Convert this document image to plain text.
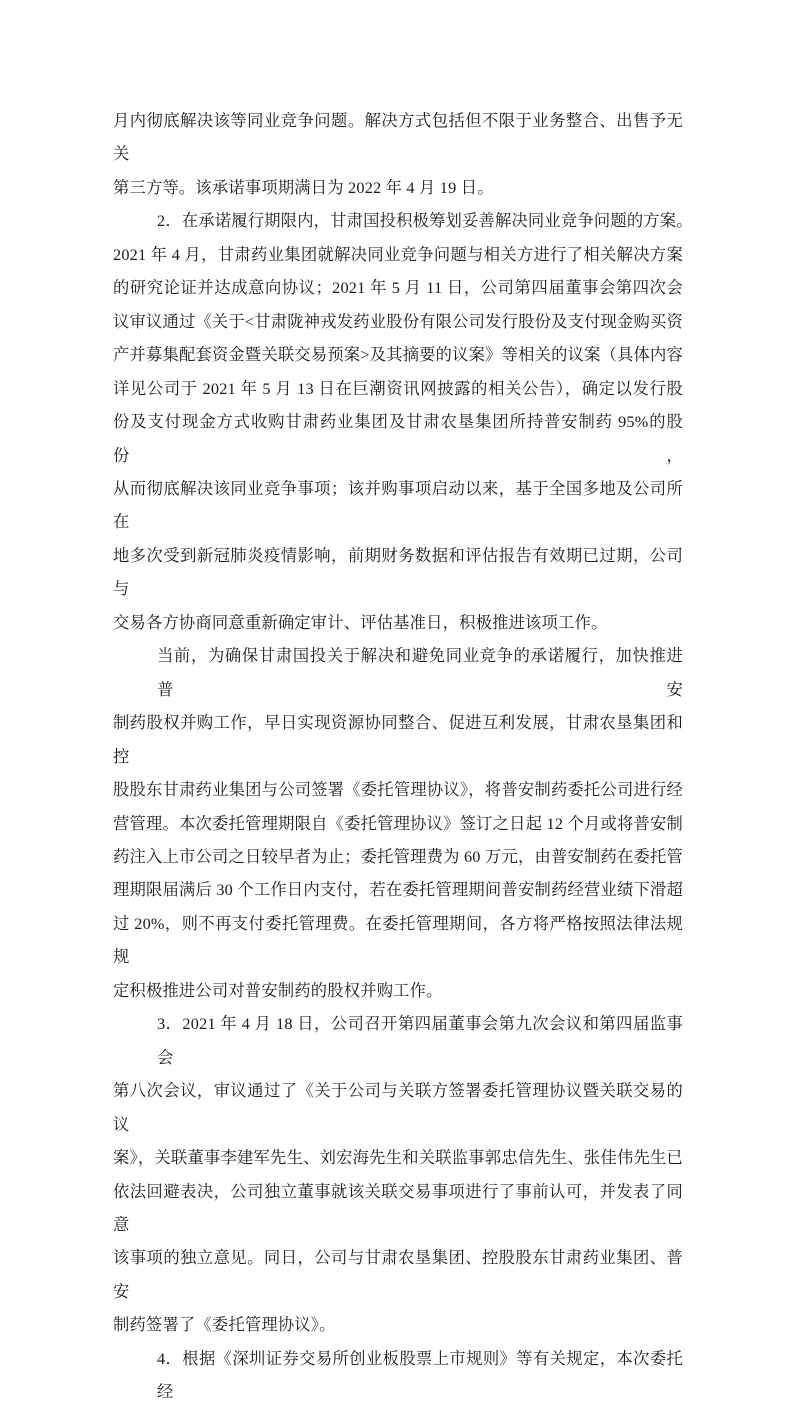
月内彻底解决该等同业竞争问题。解决方式包括但不限于业务整合、出售予无关
第三方等。该承诺事项期满日为 2022 年 4 月 19 日。
2．在承诺履行期限内，甘肃国投积极筹划妥善解决同业竞争问题的方案。
2021 年 4 月，甘肃药业集团就解决同业竞争问题与相关方进行了相关解决方案
的研究论证并达成意向协议；2021 年 5 月 11 日，公司第四届董事会第四次会
议审议通过《关于<甘肃陇神戎发药业股份有限公司发行股份及支付现金购买资
产并募集配套资金暨关联交易预案>及其摘要的议案》等相关的议案（具体内容
详见公司于 2021 年 5 月 13 日在巨潮资讯网披露的相关公告），确定以发行股
份及支付现金方式收购甘肃药业集团及甘肃农垦集团所持普安制药 95%的股份，
从而彻底解决该同业竞争事项；该并购事项启动以来，基于全国多地及公司所在
地多次受到新冠肺炎疫情影响，前期财务数据和评估报告有效期已过期，公司与
交易各方协商同意重新确定审计、评估基准日，积极推进该项工作。
当前，为确保甘肃国投关于解决和避免同业竞争的承诺履行，加快推进普安
制药股权并购工作，早日实现资源协同整合、促进互利发展，甘肃农垦集团和控
股股东甘肃药业集团与公司签署《委托管理协议》，将普安制药委托公司进行经
营管理。本次委托管理期限自《委托管理协议》签订之日起 12 个月或将普安制
药注入上市公司之日较早者为止；委托管理费为 60 万元，由普安制药在委托管
理期限届满后 30 个工作日内支付，若在委托管理期间普安制药经营业绩下滑超
过 20%，则不再支付委托管理费。在委托管理期间，各方将严格按照法律法规规
定积极推进公司对普安制药的股权并购工作。
3．2021 年 4 月 18 日，公司召开第四届董事会第九次会议和第四届监事会
第八次会议，审议通过了《关于公司与关联方签署委托管理协议暨关联交易的议
案》，关联董事李建军先生、刘宏海先生和关联监事郭忠信先生、张佳伟先生已
依法回避表决，公司独立董事就该关联交易事项进行了事前认可，并发表了同意
该事项的独立意见。同日，公司与甘肃农垦集团、控股股东甘肃药业集团、普安
制药签署了《委托管理协议》。
4．根据《深圳证券交易所创业板股票上市规则》等有关规定，本次委托经
